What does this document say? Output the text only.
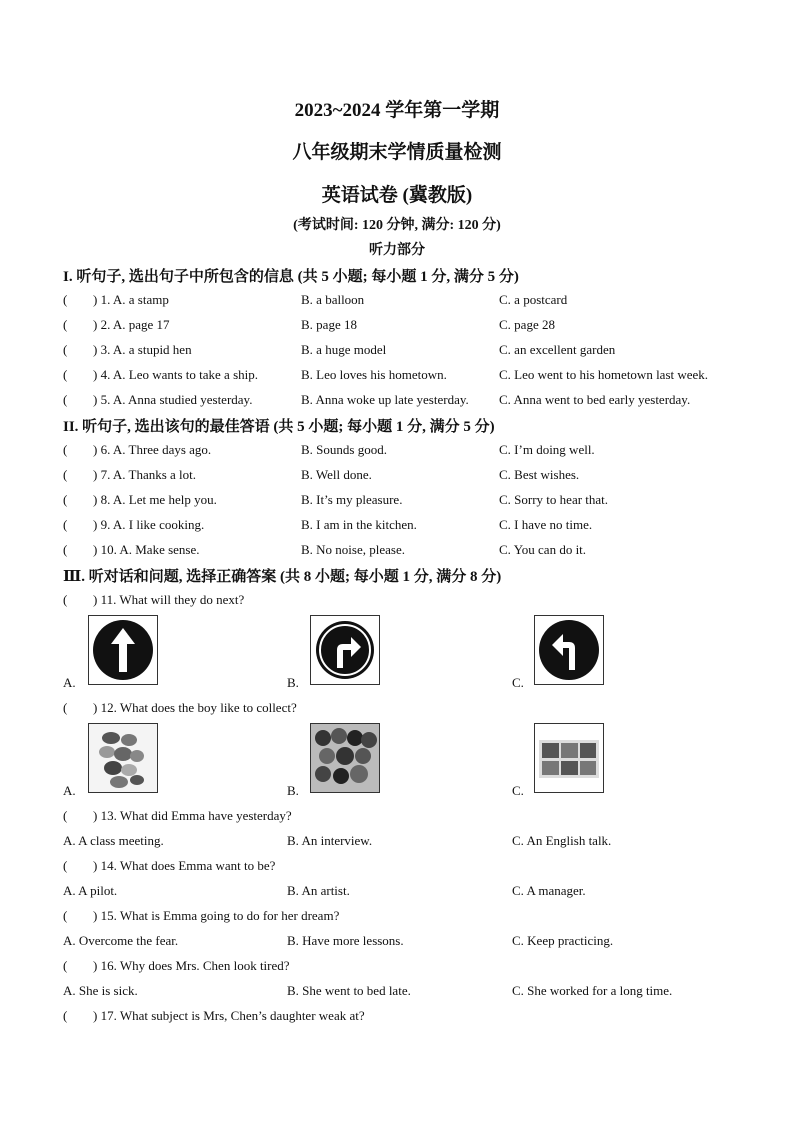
2023~2024 学年第一学期
八年级期末学情质量检测
英语试卷 (冀教版)
(考试时间: 120 分钟, 满分: 120 分)
听力部分
I. 听句子, 选出句子中所包含的信息 (共 5 小题; 每小题 1 分, 满分 5 分)
( ) 1. A. a stamp	B. a balloon	C. a postcard
( ) 2. A. page 17	B. page 18	C. page 28
( ) 3. A. a stupid hen	B. a huge model	C. an excellent garden
( ) 4. A. Leo wants to take a ship.	B. Leo loves his hometown.	C. Leo went to his hometown last week.
( ) 5. A. Anna studied yesterday.	B. Anna woke up late yesterday. C. Anna went to bed early yesterday.
II. 听句子, 选出该句的最佳答语 (共 5 小题; 每小题 1 分, 满分 5 分)
( ) 6. A. Three days ago.	B. Sounds good.	C. I’m doing well.
( ) 7. A. Thanks a lot.	B. Well done.	C. Best wishes.
( ) 8. A. Let me help you.	B. It’s my pleasure.	C. Sorry to hear that.
( ) 9. A. I like cooking.	B. I am in the kitchen.	C. I have no time.
( ) 10. A. Make sense.	B. No noise, please.	C. You can do it.
Ⅲ. 听对话和问题, 选择正确答案 (共 8 小题; 每小题 1 分, 满分 8 分)
( ) 11. What will they do next?
A.	B.	C.
( ) 12. What does the boy like to collect?
A.	B.	C.
( ) 13. What did Emma have yesterday?
A. A class meeting.	B. An interview.	C. An English talk.
( ) 14. What does Emma want to be?
A. A pilot.	B. An artist.	C. A manager.
( ) 15. What is Emma going to do for her dream?
A. Overcome the fear.	B. Have more lessons.	C. Keep practicing.
( ) 16. Why does Mrs. Chen look tired?
A. She is sick.	B. She went to bed late.	C. She worked for a long time.
( ) 17. What subject is Mrs, Chen’s daughter weak at?
